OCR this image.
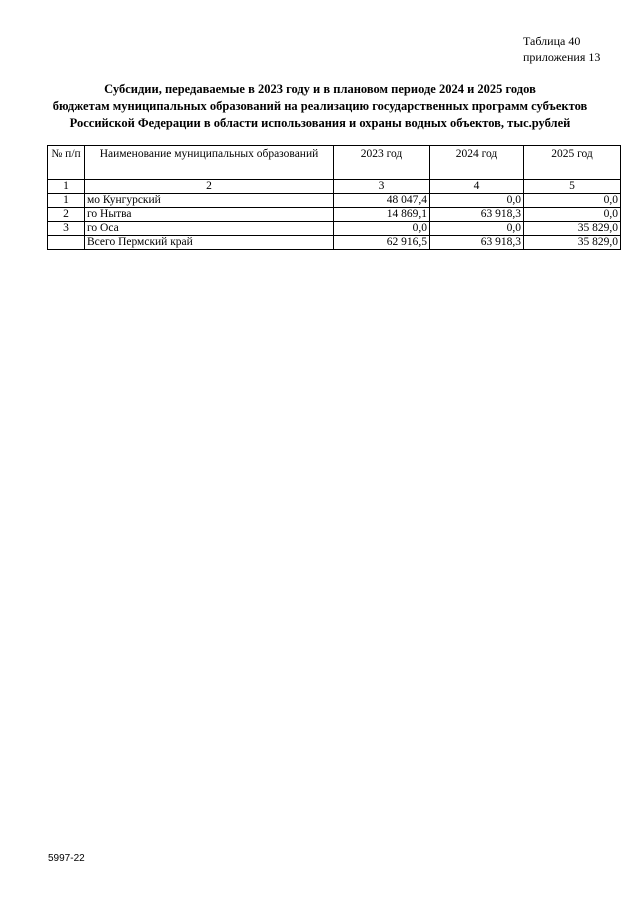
Таблица 40
приложения 13
Субсидии, передаваемые в 2023 году и в плановом периоде 2024 и 2025 годов
бюджетам муниципальных образований на реализацию государственных программ субъектов
Российской Федерации в области использования и охраны водных объектов, тыс.рублей
№ п/п	Наименование муниципальных образований	2023 год	2024 год	2025 год
1	2	3	4	5
1	мо Кунгурский	48 047,4	0,0	0,0
2	го Нытва	14 869,1	63 918,3	0,0
3	го Оса	0,0	0,0	35 829,0
	Всего Пермский край	62 916,5	63 918,3	35 829,0
5997-22
